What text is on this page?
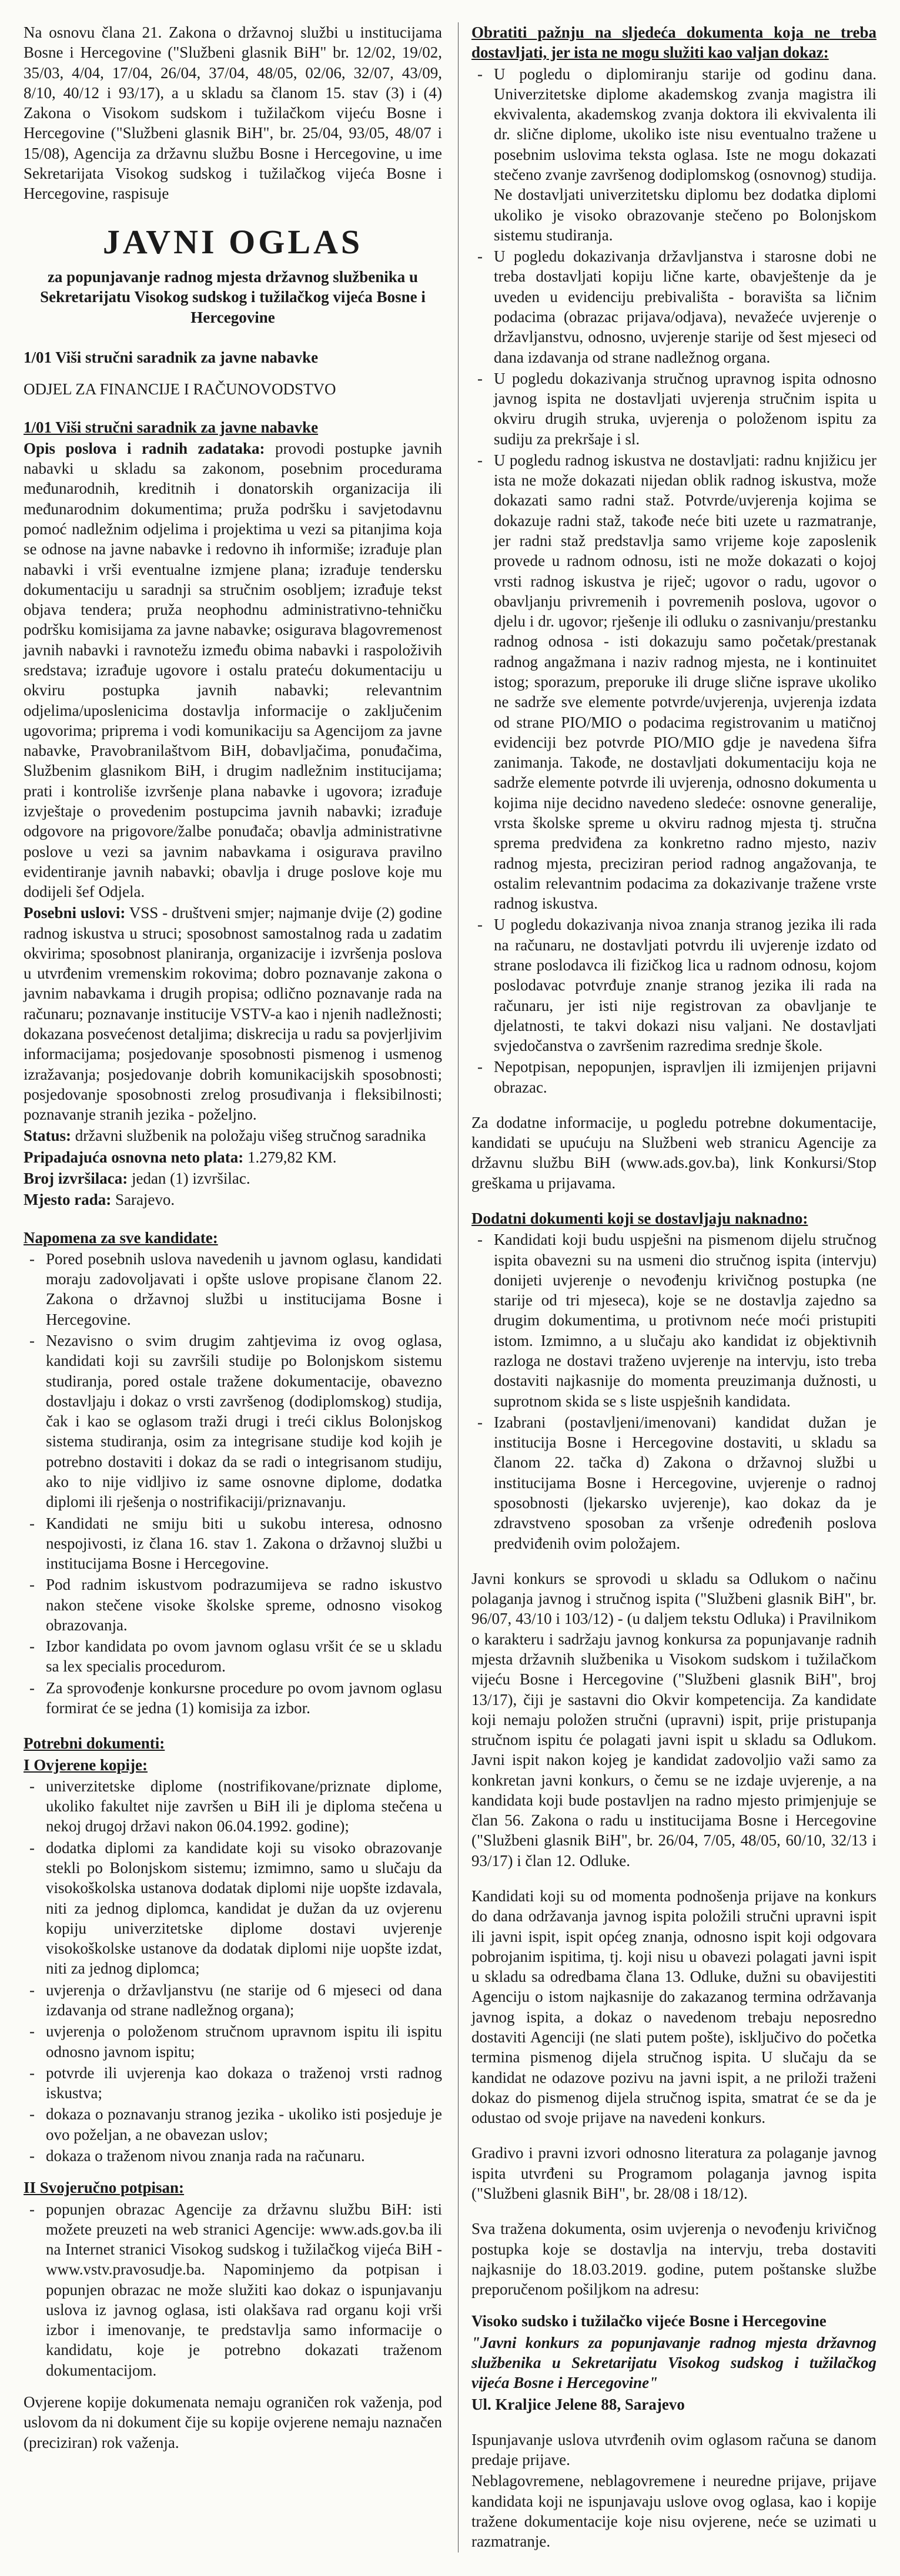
Na osnovu člana 21. Zakona o državnoj službi u institucijama Bosne i Hercegovine ("Službeni glasnik BiH" br. 12/02, 19/02, 35/03, 4/04, 17/04, 26/04, 37/04, 48/05, 02/06, 32/07, 43/09, 8/10, 40/12 i 93/17), a u skladu sa članom 15. stav (3) i (4) Zakona o Visokom sudskom i tužilačkom vijeću Bosne i Hercegovine ("Službeni glasnik BiH", br. 25/04, 93/05, 48/07 i 15/08), Agencija za državnu službu Bosne i Hercegovine, u ime Sekretarijata Visokog sudskog i tužilačkog vijeća Bosne i Hercegovine, raspisuje

JAVNI OGLAS
za popunjavanje radnog mjesta državnog službenika u Sekretarijatu Visokog sudskog i tužilačkog vijeća Bosne i Hercegovine

1/01 Viši stručni saradnik za javne nabavke

ODJEL ZA FINANCIJE I RAČUNOVODSTVO

1/01 Viši stručni saradnik za javne nabavke

Opis poslova i radnih zadataka: provodi postupke javnih nabavki u skladu sa zakonom, posebnim procedurama međunarodnih, kreditnih i donatorskih organizacija ili međunarodnim dokumentima; pruža podršku i savjetodavnu pomoć nadležnim odjelima i projektima u vezi sa pitanjima koja se odnose na javne nabavke i redovno ih informiše; izrađuje plan nabavki i vrši eventualne izmjene plana; izrađuje tendersku dokumentaciju u saradnji sa stručnim osobljem; izrađuje tekst objava tendera; pruža neophodnu administrativno-tehničku podršku komisijama za javne nabavke; osigurava blagovremenost javnih nabavki i ravnotežu između obima nabavki i raspoloživih sredstava; izrađuje ugovore i ostalu prateću dokumentaciju u okviru postupka javnih nabavki; relevantnim odjelima/uposlenicima dostavlja informacije o zaključenim ugovorima; priprema i vodi komunikaciju sa Agencijom za javne nabavke, Pravobranilaštvom BiH, dobavljačima, ponuđačima, Službenim glasnikom BiH, i drugim nadležnim institucijama; prati i kontroliše izvršenje plana nabavke i ugovora; izrađuje izvještaje o provedenim postupcima javnih nabavki; izrađuje odgovore na prigovore/žalbe ponuđača; obavlja administrativne poslove u vezi sa javnim nabavkama i osigurava pravilno evidentiranje javnih nabavki; obavlja i druge poslove koje mu dodijeli šef Odjela.

Posebni uslovi: VSS - društveni smjer; najmanje dvije (2) godine radnog iskustva u struci; sposobnost samostalnog rada u zadatim okvirima; sposobnost planiranja, organizacije i izvršenja poslova u utvrđenim vremenskim rokovima; dobro poznavanje zakona o javnim nabavkama i drugih propisa; odlično poznavanje rada na računaru; poznavanje institucije VSTV-a kao i njenih nadležnosti; dokazana posvećenost detaljima; diskrecija u radu sa povjerljivim informacijama; posjedovanje sposobnosti pismenog i usmenog izražavanja; posjedovanje dobrih komunikacijskih sposobnosti; posjedovanje sposobnosti zrelog prosuđivanja i fleksibilnosti; poznavanje stranih jezika - poželjno.

Status: državni službenik na položaju višeg stručnog saradnika

Pripadajuća osnovna neto plata: 1.279,82 KM.

Broj izvršilaca: jedan (1) izvršilac.

Mjesto rada: Sarajevo.

Napomena za sve kandidate:

- Pored posebnih uslova navedenih u javnom oglasu, kandidati moraju zadovoljavati i opšte uslove propisane članom 22. Zakona o državnoj službi u institucijama Bosne i Hercegovine.
- Nezavisno o svim drugim zahtjevima iz ovog oglasa, kandidati koji su završili studije po Bolonjskom sistemu studiranja, pored ostale tražene dokumentacije, obavezno dostavljaju i dokaz o vrsti završenog (dodiplomskog) studija, čak i kao se oglasom traži drugi i treći ciklus Bolonjskog sistema studiranja, osim za integrisane studije kod kojih je potrebno dostaviti i dokaz da se radi o integrisanom studiju, ako to nije vidljivo iz same osnovne diplome, dodatka diplomi ili rješenja o nostrifikaciji/priznavanju.
- Kandidati ne smiju biti u sukobu interesa, odnosno nespojivosti, iz člana 16. stav 1. Zakona o državnoj službi u institucijama Bosne i Hercegovine.
- Pod radnim iskustvom podrazumijeva se radno iskustvo nakon stečene visoke školske spreme, odnosno visokog obrazovanja.
- Izbor kandidata po ovom javnom oglasu vršit će se u skladu sa lex specialis procedurom.
- Za sprovođenje konkursne procedure po ovom javnom oglasu formirat će se jedna (1) komisija za izbor.

Potrebni dokumenti:

I Ovjerene kopije:

- univerzitetske diplome (nostrifikovane/priznate diplome, ukoliko fakultet nije završen u BiH ili je diploma stečena u nekoj drugoj državi nakon 06.04.1992. godine);
- dodatka diplomi za kandidate koji su visoko obrazovanje stekli po Bolonjskom sistemu; izmimno, samo u slučaju da visokoškolska ustanova dodatak diplomi nije uopšte izdavala, niti za jednog diplomca, kandidat je dužan da uz ovjerenu kopiju univerzitetske diplome dostavi uvjerenje visokoškolske ustanove da dodatak diplomi nije uopšte izdat, niti za jednog diplomca;
- uvjerenja o državljanstvu (ne starije od 6 mjeseci od dana izdavanja od strane nadležnog organa);
- uvjerenja o položenom stručnom upravnom ispitu ili ispitu odnosno javnom ispitu;
- potvrde ili uvjerenja kao dokaza o traženoj vrsti radnog iskustva;
- dokaza o poznavanju stranog jezika - ukoliko isti posjeduje je ovo poželjan, a ne obavezan uslov;
- dokaza o traženom nivou znanja rada na računaru.

II Svojeručno potpisan:

- popunjen obrazac Agencije za državnu službu BiH: isti možete preuzeti na web stranici Agencije: www.ads.gov.ba ili na Internet stranici Visokog sudskog i tužilačkog vijeća BiH - www.vstv.pravosudje.ba. Napominjemo da potpisan i popunjen obrazac ne može služiti kao dokaz o ispunjavanju uslova iz javnog oglasa, isti olakšava rad organu koji vrši izbor i imenovanje, te predstavlja samo informacije o kandidatu, koje je potrebno dokazati traženom dokumentacijom.

Ovjerene kopije dokumenata nemaju ograničen rok važenja, pod uslovom da ni dokument čije su kopije ovjerene nemaju naznačen (preciziran) rok važenja.

Obratiti pažnju na sljedeća dokumenta koja ne treba dostavljati, jer ista ne mogu služiti kao valjan dokaz:

- U pogledu o diplomiranju starije od godinu dana. Univerzitetske diplome akademskog zvanja magistra ili ekvivalenta, akademskog zvanja doktora ili ekvivalenta ili dr. slične diplome, ukoliko iste nisu eventualno tražene u posebnim uslovima teksta oglasa. Iste ne mogu dokazati stečeno zvanje završenog dodiplomskog (osnovnog) studija. Ne dostavljati univerzitetsku diplomu bez dodatka diplomi ukoliko je visoko obrazovanje stečeno po Bolonjskom sistemu studiranja.
- U pogledu dokazivanja državljanstva i starosne dobi ne treba dostavljati kopiju lične karte, obavještenje da je uveden u evidenciju prebivališta - boravišta sa ličnim podacima (obrazac prijava/odjava), nevažeće uvjerenje o državljanstvu, odnosno, uvjerenje starije od šest mjeseci od dana izdavanja od strane nadležnog organa.
- U pogledu dokazivanja stručnog upravnog ispita odnosno javnog ispita ne dostavljati uvjerenja stručnim ispita u okviru drugih struka, uvjerenja o položenom ispitu za sudiju za prekršaje i sl.
- U pogledu radnog iskustva ne dostavljati: radnu knjižicu jer ista ne može dokazati nijedan oblik radnog iskustva, može dokazati samo radni staž. Potvrde/uvjerenja kojima se dokazuje radni staž, takođe neće biti uzete u razmatranje, jer radni staž predstavlja samo vrijeme koje zaposlenik provede u radnom odnosu, isti ne može dokazati o kojoj vrsti radnog iskustva je riječ; ugovor o radu, ugovor o obavljanju privremenih i povremenih poslova, ugovor o djelu i dr. ugovor; rješenje ili odluku o zasnivanju/prestanku radnog odnosa - isti dokazuju samo početak/prestanak radnog angažmana i naziv radnog mjesta, ne i kontinuitet istog; sporazum, preporuke ili druge slične isprave ukoliko ne sadrže sve elemente potvrde/uvjerenja, uvjerenja izdata od strane PIO/MIO o podacima registrovanim u matičnoj evidenciji bez potvrde PIO/MIO gdje je navedena šifra zanimanja. Takođe, ne dostavljati dokumentaciju koja ne sadrže elemente potvrde ili uvjerenja, odnosno dokumenta u kojima nije decidno navedeno sledeće: osnovne generalije, vrsta školske spreme u okviru radnog mjesta tj. stručna sprema predviđena za konkretno radno mjesto, naziv radnog mjesta, preciziran period radnog angažovanja, te ostalim relevantnim podacima za dokazivanje tražene vrste radnog iskustva.
- U pogledu dokazivanja nivoa znanja stranog jezika ili rada na računaru, ne dostavljati potvrdu ili uvjerenje izdato od strane poslodavca ili fizičkog lica u radnom odnosu, kojom poslodavac potvrđuje znanje stranog jezika ili rada na računaru, jer isti nije registrovan za obavljanje te djelatnosti, te takvi dokazi nisu valjani. Ne dostavljati svjedočanstva o završenim razredima srednje škole.
- Nepotpisan, nepopunjen, ispravljen ili izmijenjen prijavni obrazac.

Za dodatne informacije, u pogledu potrebne dokumentacije, kandidati se upućuju na Službeni web stranicu Agencije za državnu službu BiH (www.ads.gov.ba), link Konkursi/Stop greškama u prijavama.

Dodatni dokumenti koji se dostavljaju naknadno:

- Kandidati koji budu uspješni na pismenom dijelu stručnog ispita obavezni su na usmeni dio stručnog ispita (intervju) donijeti uvjerenje o nevođenju krivičnog postupka (ne starije od tri mjeseca), koje se ne dostavlja zajedno sa drugim dokumentima, u protivnom neće moći pristupiti istom. Izmimno, a u slučaju ako kandidat iz objektivnih razloga ne dostavi traženo uvjerenje na intervju, isto treba dostaviti najkasnije do momenta preuzimanja dužnosti, u suprotnom skida se s liste uspješnih kandidata.
- Izabrani (postavljeni/imenovani) kandidat dužan je institucija Bosne i Hercegovine dostaviti, u skladu sa članom 22. tačka d) Zakona o državnoj službi u institucijama Bosne i Hercegovine, uvjerenje o radnoj sposobnosti (ljekarsko uvjerenje), kao dokaz da je zdravstveno sposoban za vršenje određenih poslova predviđenih ovim položajem.

Javni konkurs se sprovodi u skladu sa Odlukom o načinu polaganja javnog i stručnog ispita ("Službeni glasnik BiH", br. 96/07, 43/10 i 103/12) - (u daljem tekstu Odluka) i Pravilnikom o karakteru i sadržaju javnog konkursa za popunjavanje radnih mjesta državnih službenika u Visokom sudskom i tužilačkom vijeću Bosne i Hercegovine ("Službeni glasnik BiH", broj 13/17), čiji je sastavni dio Okvir kompetencija. Za kandidate koji nemaju položen stručni (upravni) ispit, prije pristupanja stručnom ispitu će polagati javni ispit u skladu sa Odlukom. Javni ispit nakon kojeg je kandidat zadovoljio važi samo za konkretan javni konkurs, o čemu se ne izdaje uvjerenje, a na kandidata koji bude postavljen na radno mjesto primjenjuje se član 56. Zakona o radu u institucijama Bosne i Hercegovine ("Službeni glasnik BiH", br. 26/04, 7/05, 48/05, 60/10, 32/13 i 93/17) i član 12. Odluke.

Kandidati koji su od momenta podnošenja prijave na konkurs do dana održavanja javnog ispita položili stručni upravni ispit ili javni ispit, ispit općeg znanja, odnosno ispit koji odgovara pobrojanim ispitima, tj. koji nisu u obavezi polagati javni ispit u skladu sa odredbama člana 13. Odluke, dužni su obavijestiti Agenciju o istom najkasnije do zakazanog termina održavanja javnog ispita, a dokaz o navedenom trebaju neposredno dostaviti Agenciji (ne slati putem pošte), isključivo do početka termina pismenog dijela stručnog ispita. U slučaju da se kandidat ne odazove pozivu na javni ispit, a ne priloži traženi dokaz do pismenog dijela stručnog ispita, smatrat će se da je odustao od svoje prijave na navedeni konkurs.

Gradivo i pravni izvori odnosno literatura za polaganje javnog ispita utvrđeni su Programom polaganja javnog ispita ("Službeni glasnik BiH", br. 28/08 i 18/12).

Sva tražena dokumenta, osim uvjerenja o nevođenju krivičnog postupka koje se dostavlja na intervju, treba dostaviti najkasnije do 18.03.2019. godine, putem poštanske službe preporučenom pošiljkom na adresu:

Visoko sudsko i tužilačko vijeće Bosne i Hercegovine

"Javni konkurs za popunjavanje radnog mjesta državnog službenika u Sekretarijatu Visokog sudskog i tužilačkog vijeća Bosne i Hercegovine"

Ul. Kraljice Jelene 88, Sarajevo

Ispunjavanje uslova utvrđenih ovim oglasom računa se danom predaje prijave.

Neblagovremene, neblagovremene i neuredne prijave, prijave kandidata koji ne ispunjavaju uslove ovog oglasa, kao i kopije tražene dokumentacije koje nisu ovjerene, neće se uzimati u razmatranje.
